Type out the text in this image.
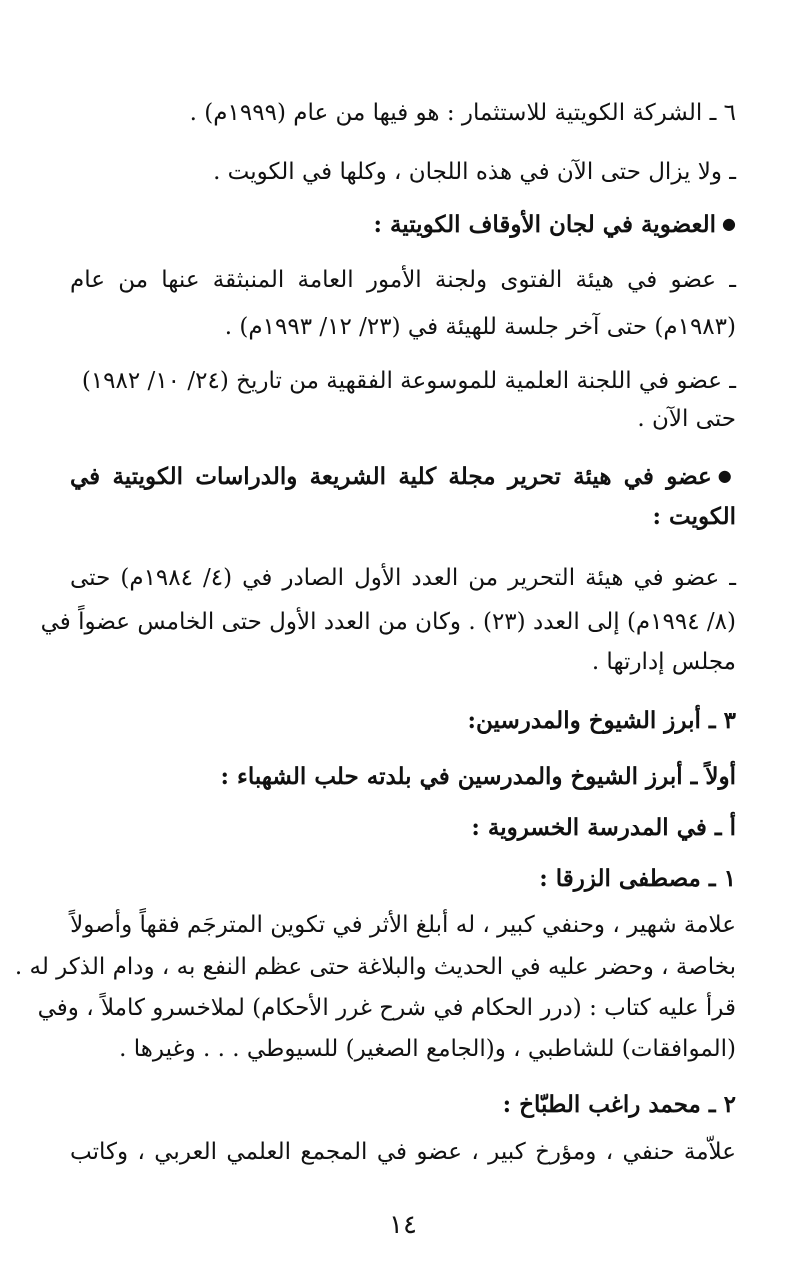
٦ ـ الشركة الكويتية للاستثمار : هو فيها من عام (١٩٩٩م) .
ـ ولا يزال حتى الآن في هذه اللجان ، وكلها في الكويت .
● العضوية في لجان الأوقاف الكويتية :
ـ عضو في هيئة الفتوى ولجنة الأمور العامة المنبثقة عنها من عام
(١٩٨٣م) حتى آخر جلسة للهيئة في (٢٣/ ١٢/ ١٩٩٣م) .
ـ عضو في اللجنة العلمية للموسوعة الفقهية من تاريخ (٢٤/ ١٠/ ١٩٨٢)
حتى الآن .
● عضو في هيئة تحرير مجلة كلية الشريعة والدراسات الكويتية في
الكويت :
ـ عضو في هيئة التحرير من العدد الأول الصادر في (٤/ ١٩٨٤م) حتى
(٨/ ١٩٩٤م) إلى العدد (٢٣) . وكان من العدد الأول حتى الخامس عضواً في
مجلس إدارتها .
٣ ـ أبرز الشيوخ والمدرسين:
أولاً ـ أبرز الشيوخ والمدرسين في بلدته حلب الشهباء :
أ ـ في المدرسة الخسروية :
١ ـ مصطفى الزرقا :
علامة شهير ، وحنفي كبير ، له أبلغ الأثر في تكوين المترجَم فقهاً وأصولاً
بخاصة ، وحضر عليه في الحديث والبلاغة حتى عظم النفع به ، ودام الذكر له .
قرأ عليه كتاب : (درر الحكام في شرح غرر الأحكام) لملاخسرو كاملاً ، وفي
(الموافقات) للشاطبي ، و(الجامع الصغير) للسيوطي . . . وغيرها .
٢ ـ محمد راغب الطبّاخ :
علاّمة حنفي ، ومؤرخ كبير ، عضو في المجمع العلمي العربي ، وكاتب
١٤
